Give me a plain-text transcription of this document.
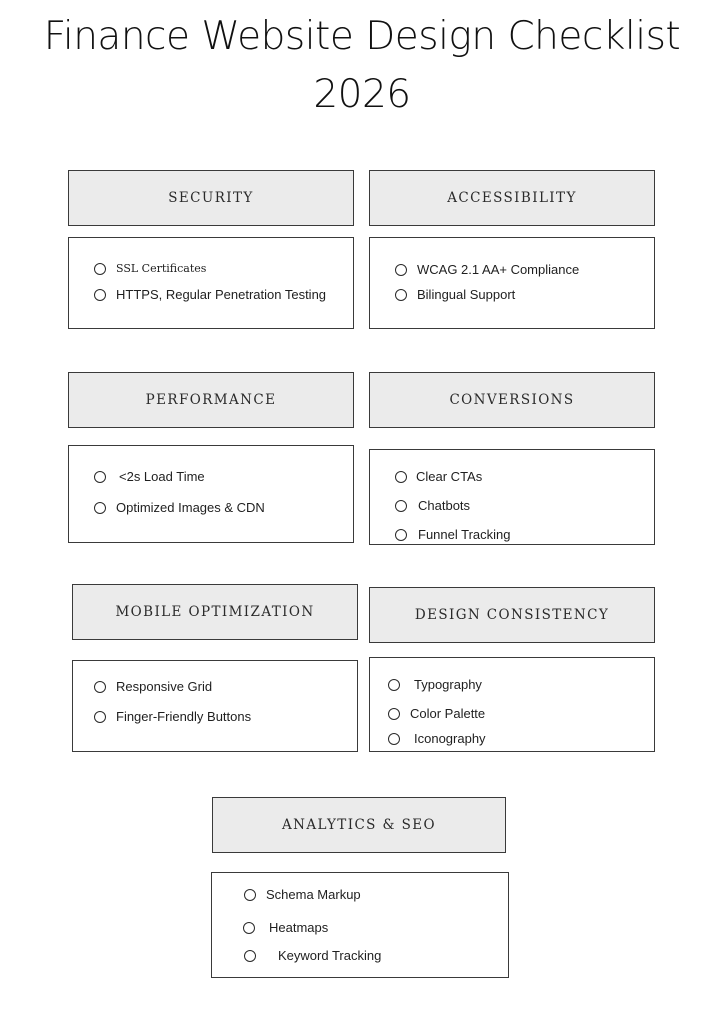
Finance Website Design Checklist
2026
SECURITY
SSL Certificates
HTTPS, Regular Penetration Testing
ACCESSIBILITY
WCAG 2.1 AA+ Compliance
Bilingual Support
PERFORMANCE
<2s Load Time
Optimized Images & CDN
CONVERSIONS
Clear CTAs
Chatbots
Funnel Tracking
MOBILE OPTIMIZATION
Responsive Grid
Finger-Friendly Buttons
DESIGN CONSISTENCY
Typography
Color Palette
Iconography
ANALYTICS & SEO
Schema Markup
Heatmaps
Keyword Tracking
